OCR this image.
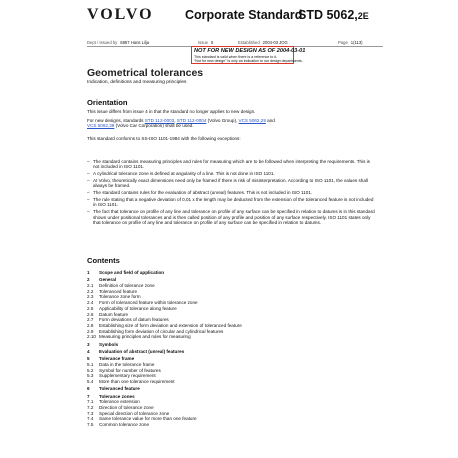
VOLVO	Corporate Standard
STD 5062,2E
Dept / Issued by 6857 Hans Lilja	Issue 5	Established 2004-03 JOG	Page 1(113)
NOT FOR NEW DESIGN AS OF 2004-03-01
This standard is valid when there is a reference to it.
"Not for new design" is only an indication to our design departments.
Geometrical tolerances
Indication, definitions and measuring principles
Orientation
This issue differs from issue 4 in that the standard no longer applies to new design.
For new designs, standards STD 112-0003, STD 112-0004 (Volvo Group), VCS 5062,29 and
VCS 5062,39 (Volvo Car Corporation) shall be used.
This standard conforms to SS-ISO 1101-1984 with the following exceptions:
– The standard contains measuring principles and rules for measuring which are to be followed when interpreting the requirements. This is not included in ISO 1101.
– A cylindrical tolerance zone is defined at angularity of a line. This is not done in ISO 1101.
– At Volvo, theoretically exact dimensions need only be framed if there is risk of misinterpretation. According to ISO 1101, the values shall always be framed.
– The standard contains rules for the evaluation of abstract (unreal) features. This is not included in ISO 1101.
– The rule stating that a negative deviation of 0,01 x the length may be deducted from the extension of the toleranced feature is not included in ISO 1101.
– The fact that tolerance on profile of any line and tolerance on profile of any surface can be specified in relation to datums is in this standard shown under positional tolerances and is then called position of any profile and position of any surface respectively. ISO 1101 states only that tolerance on profile of any line and tolerance on profile of any surface can be specified in relation to datums.
Contents
1	Scope and field of application
2	General
2.1	Definition of tolerance zone
2.2	Toleranced feature
2.3	Tolerance zone form
2.4	Form of toleranced feature within tolerance zone
2.5	Applicability of tolerance along feature
2.6	Datum feature
2.7	Form deviations of datum features
2.8	Establishing size of form deviation and extension of toleranced feature
2.9	Establishing form deviation of circular and cylindrical features
2.10 Measuring principles and rules for measuring
3	Symbols
4	Evaluation of abstract (unreal) features
5	Tolerance frame
5.1	Data in the tolerance frame
5.2	Symbol for number of features
5.3	Supplementary requirement
5.4	More than one tolerance requirement
6	Toleranced feature
7	Tolerance zones
7.1	Tolerance extension
7.2	Direction of tolerance zone
7.3	Special direction of tolerance zone
7.4	Same tolerance value for more than one feature
7.5	Common tolerance zone
